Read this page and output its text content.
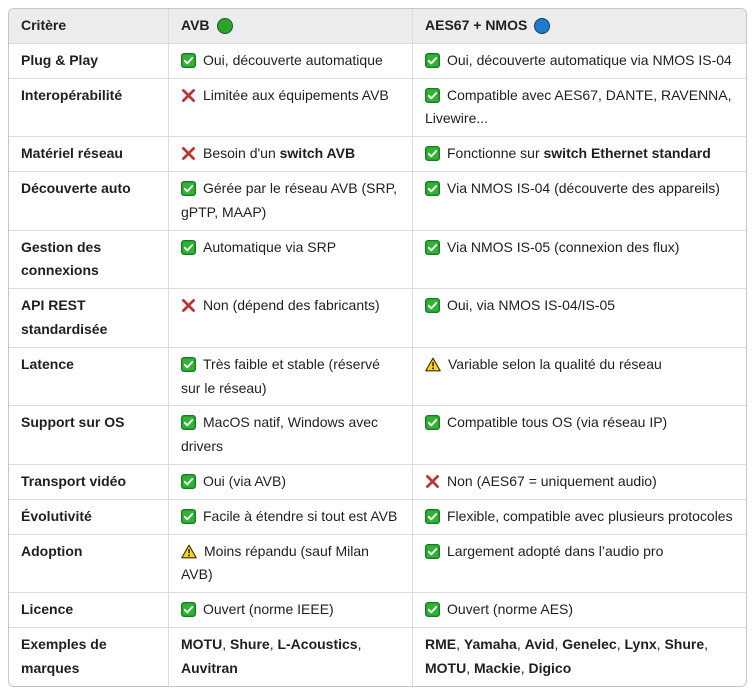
Critère	AVB	AES67 + NMOS
Plug & Play	Oui, découverte automatique	Oui, découverte automatique via NMOS IS-04
Interopérabilité	Limitée aux équipements AVB	Compatible avec AES67, DANTE, RAVENNA, Livewire...
Matériel réseau	Besoin d'un switch AVB	Fonctionne sur switch Ethernet standard
Découverte auto	Gérée par le réseau AVB (SRP, gPTP, MAAP)	Via NMOS IS-04 (découverte des appareils)
Gestion des connexions	Automatique via SRP	Via NMOS IS-05 (connexion des flux)
API REST standardisée	Non (dépend des fabricants)	Oui, via NMOS IS-04/IS-05
Latence	Très faible et stable (réservé sur le réseau)	Variable selon la qualité du réseau
Support sur OS	MacOS natif, Windows avec drivers	Compatible tous OS (via réseau IP)
Transport vidéo	Oui (via AVB)	Non (AES67 = uniquement audio)
Évolutivité	Facile à étendre si tout est AVB	Flexible, compatible avec plusieurs protocoles
Adoption	Moins répandu (sauf Milan AVB)	Largement adopté dans l’audio pro
Licence	Ouvert (norme IEEE)	Ouvert (norme AES)
Exemples de marques	MOTU, Shure, L-Acoustics, Auvitran	RME, Yamaha, Avid, Genelec, Lynx, Shure, MOTU, Mackie, Digico
